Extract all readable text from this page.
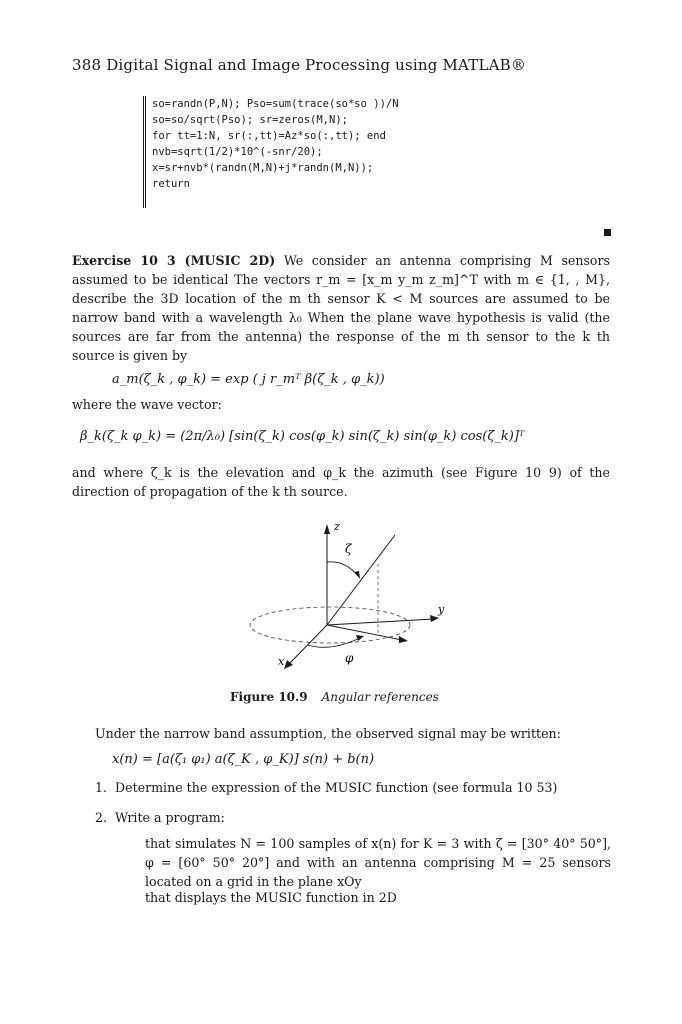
388 Digital Signal and Image Processing using MATLAB®
so=randn(P,N); Pso=sum(trace(so*so ))/N
so=so/sqrt(Pso); sr=zeros(M,N);
for tt=1:N, sr(:,tt)=Az*so(:,tt); end
nvb=sqrt(1/2)*10^(-snr/20);
x=sr+nvb*(randn(M,N)+j*randn(M,N));
return
Exercise 10 3 (MUSIC 2D) We consider an antenna comprising M sensors assumed to be identical The vectors r_m = [x_m y_m z_m]^T with m ∈ {1, , M}, describe the 3D location of the m th sensor K < M sources are assumed to be narrow band with a wavelength λ₀ When the plane wave hypothesis is valid (the sources are far from the antenna) the response of the m th sensor to the k th source is given by
a_m(ζ_k , φ_k) = exp ( j r_mᵀ β(ζ_k , φ_k))
where the wave vector:
β_k(ζ_k φ_k) = (2π/λ₀) [sin(ζ_k) cos(φ_k) sin(ζ_k) sin(φ_k) cos(ζ_k)]ᵀ
and where ζ_k is the elevation and φ_k the azimuth (see Figure 10 9) of the direction of propagation of the k th source.
z
y
x
ζ
φ
Figure 10.9 Angular references
Under the narrow band assumption, the observed signal may be written:
x(n) = [a(ζ₁ φ₁) a(ζ_K , φ_K)] s(n) + b(n)
1.  Determine the expression of the MUSIC function (see formula 10 53)
2.  Write a program:
that simulates N = 100 samples of x(n) for K = 3 with ζ = [30° 40° 50°], φ = [60° 50° 20°] and with an antenna comprising M = 25 sensors located on a grid in the plane xOy
that displays the MUSIC function in 2D
